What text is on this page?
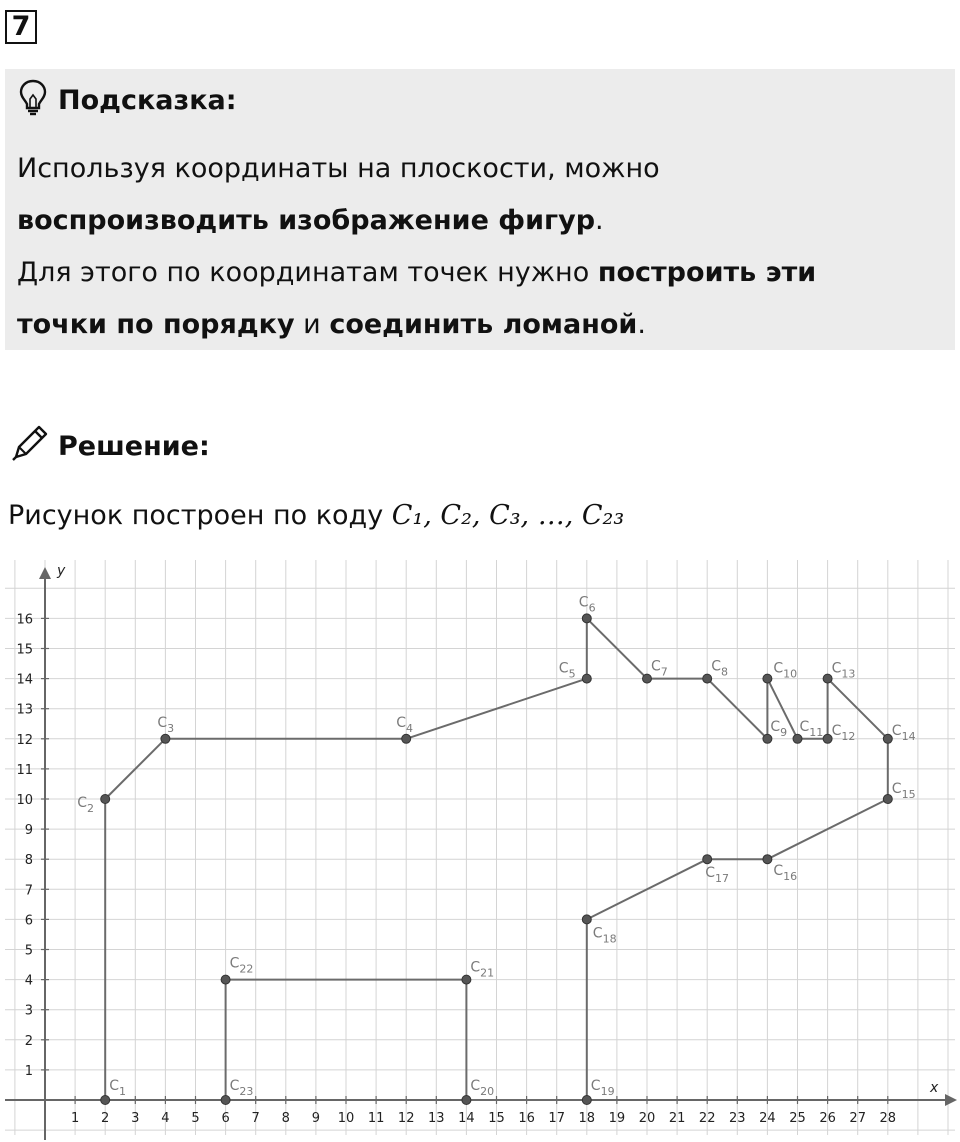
7
Подсказка:
Используя координаты на плоскости, можно
воспроизводить изображение фигур.
Для этого по координатам точек нужно построить эти
точки по порядку и соединить ломаной.
Решение:
Рисунок построен по коду C₁, C₂, C₃, …, C₂₃
x
y
1 2 3 4 5 6 7 8 9 10 11 12 13 14 15 16 17 18 19 20 21 22 23 24 25 26 27 28
1
2
3
4
5
6
7
8
9
10
11
12
13
14
15
16
$C_1$
$C_2$
$C_3$	$C_4$
$C_5$
$C_6$
$C_7$	$C_8$
$C_9$
$C_{10}$
$C_{11}$ $C_{12}$
$C_{13}$
$C_{14}$
$C_{15}$
$C_{16}$
$C_{17}$
$C_{18}$
$C_{19}$
$C_{20}$
$C_{21}$
$C_{22}$
$C_{23}$
